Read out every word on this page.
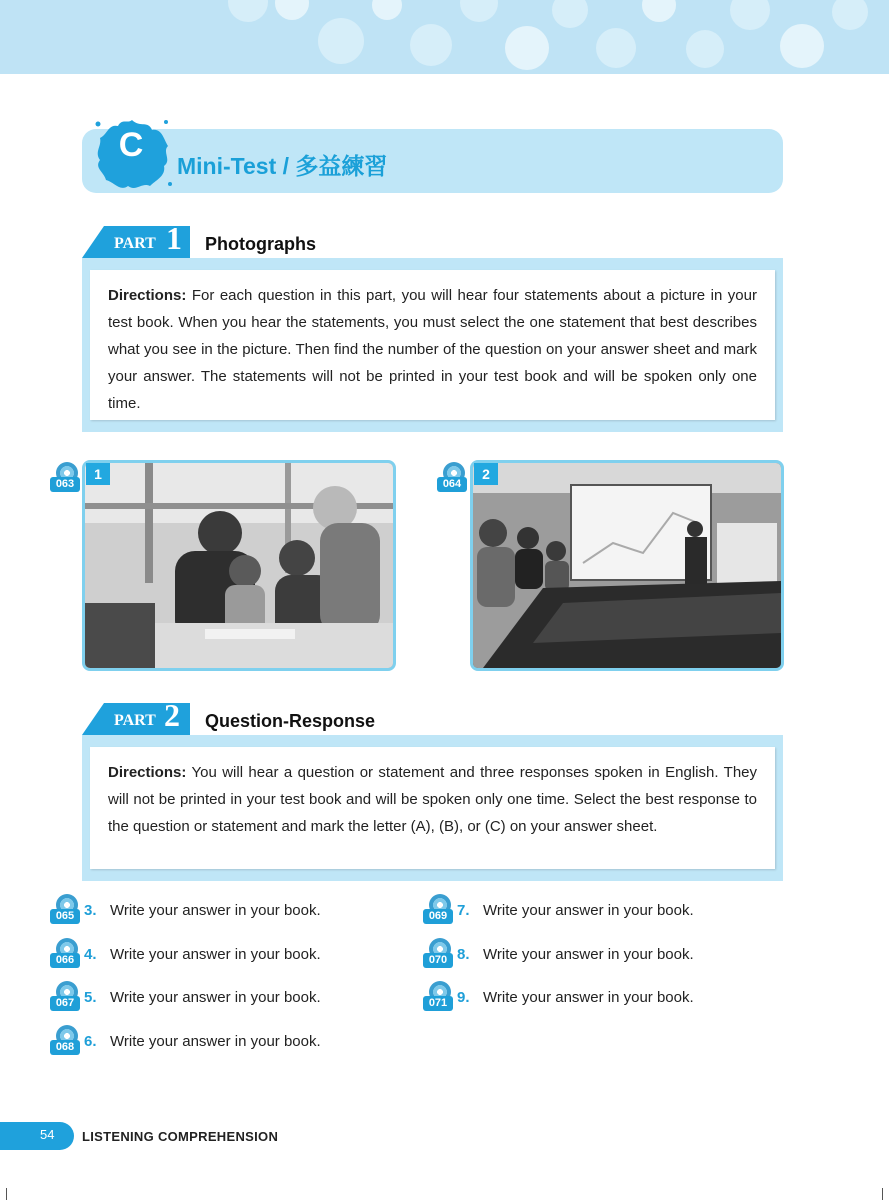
C
Mini-Test / 多益練習
PART 1 Photographs
Directions: For each question in this part, you will hear four statements about a picture in your test book. When you hear the statements, you must select the one statement that best describes what you see in the picture. Then find the number of the question on your answer sheet and mark your answer. The statements will not be printed in your test book and will be spoken only one time.
063
1
064
2
PART 2 Question-Response
Directions: You will hear a question or statement and three responses spoken in English. They will not be printed in your test book and will be spoken only one time. Select the best response to the question or statement and mark the letter (A), (B), or (C) on your answer sheet.
065 3. Write your answer in your book.
066 4. Write your answer in your book.
067 5. Write your answer in your book.
068 6. Write your answer in your book.
069 7. Write your answer in your book.
070 8. Write your answer in your book.
071 9. Write your answer in your book.
54 LISTENING COMPREHENSION
